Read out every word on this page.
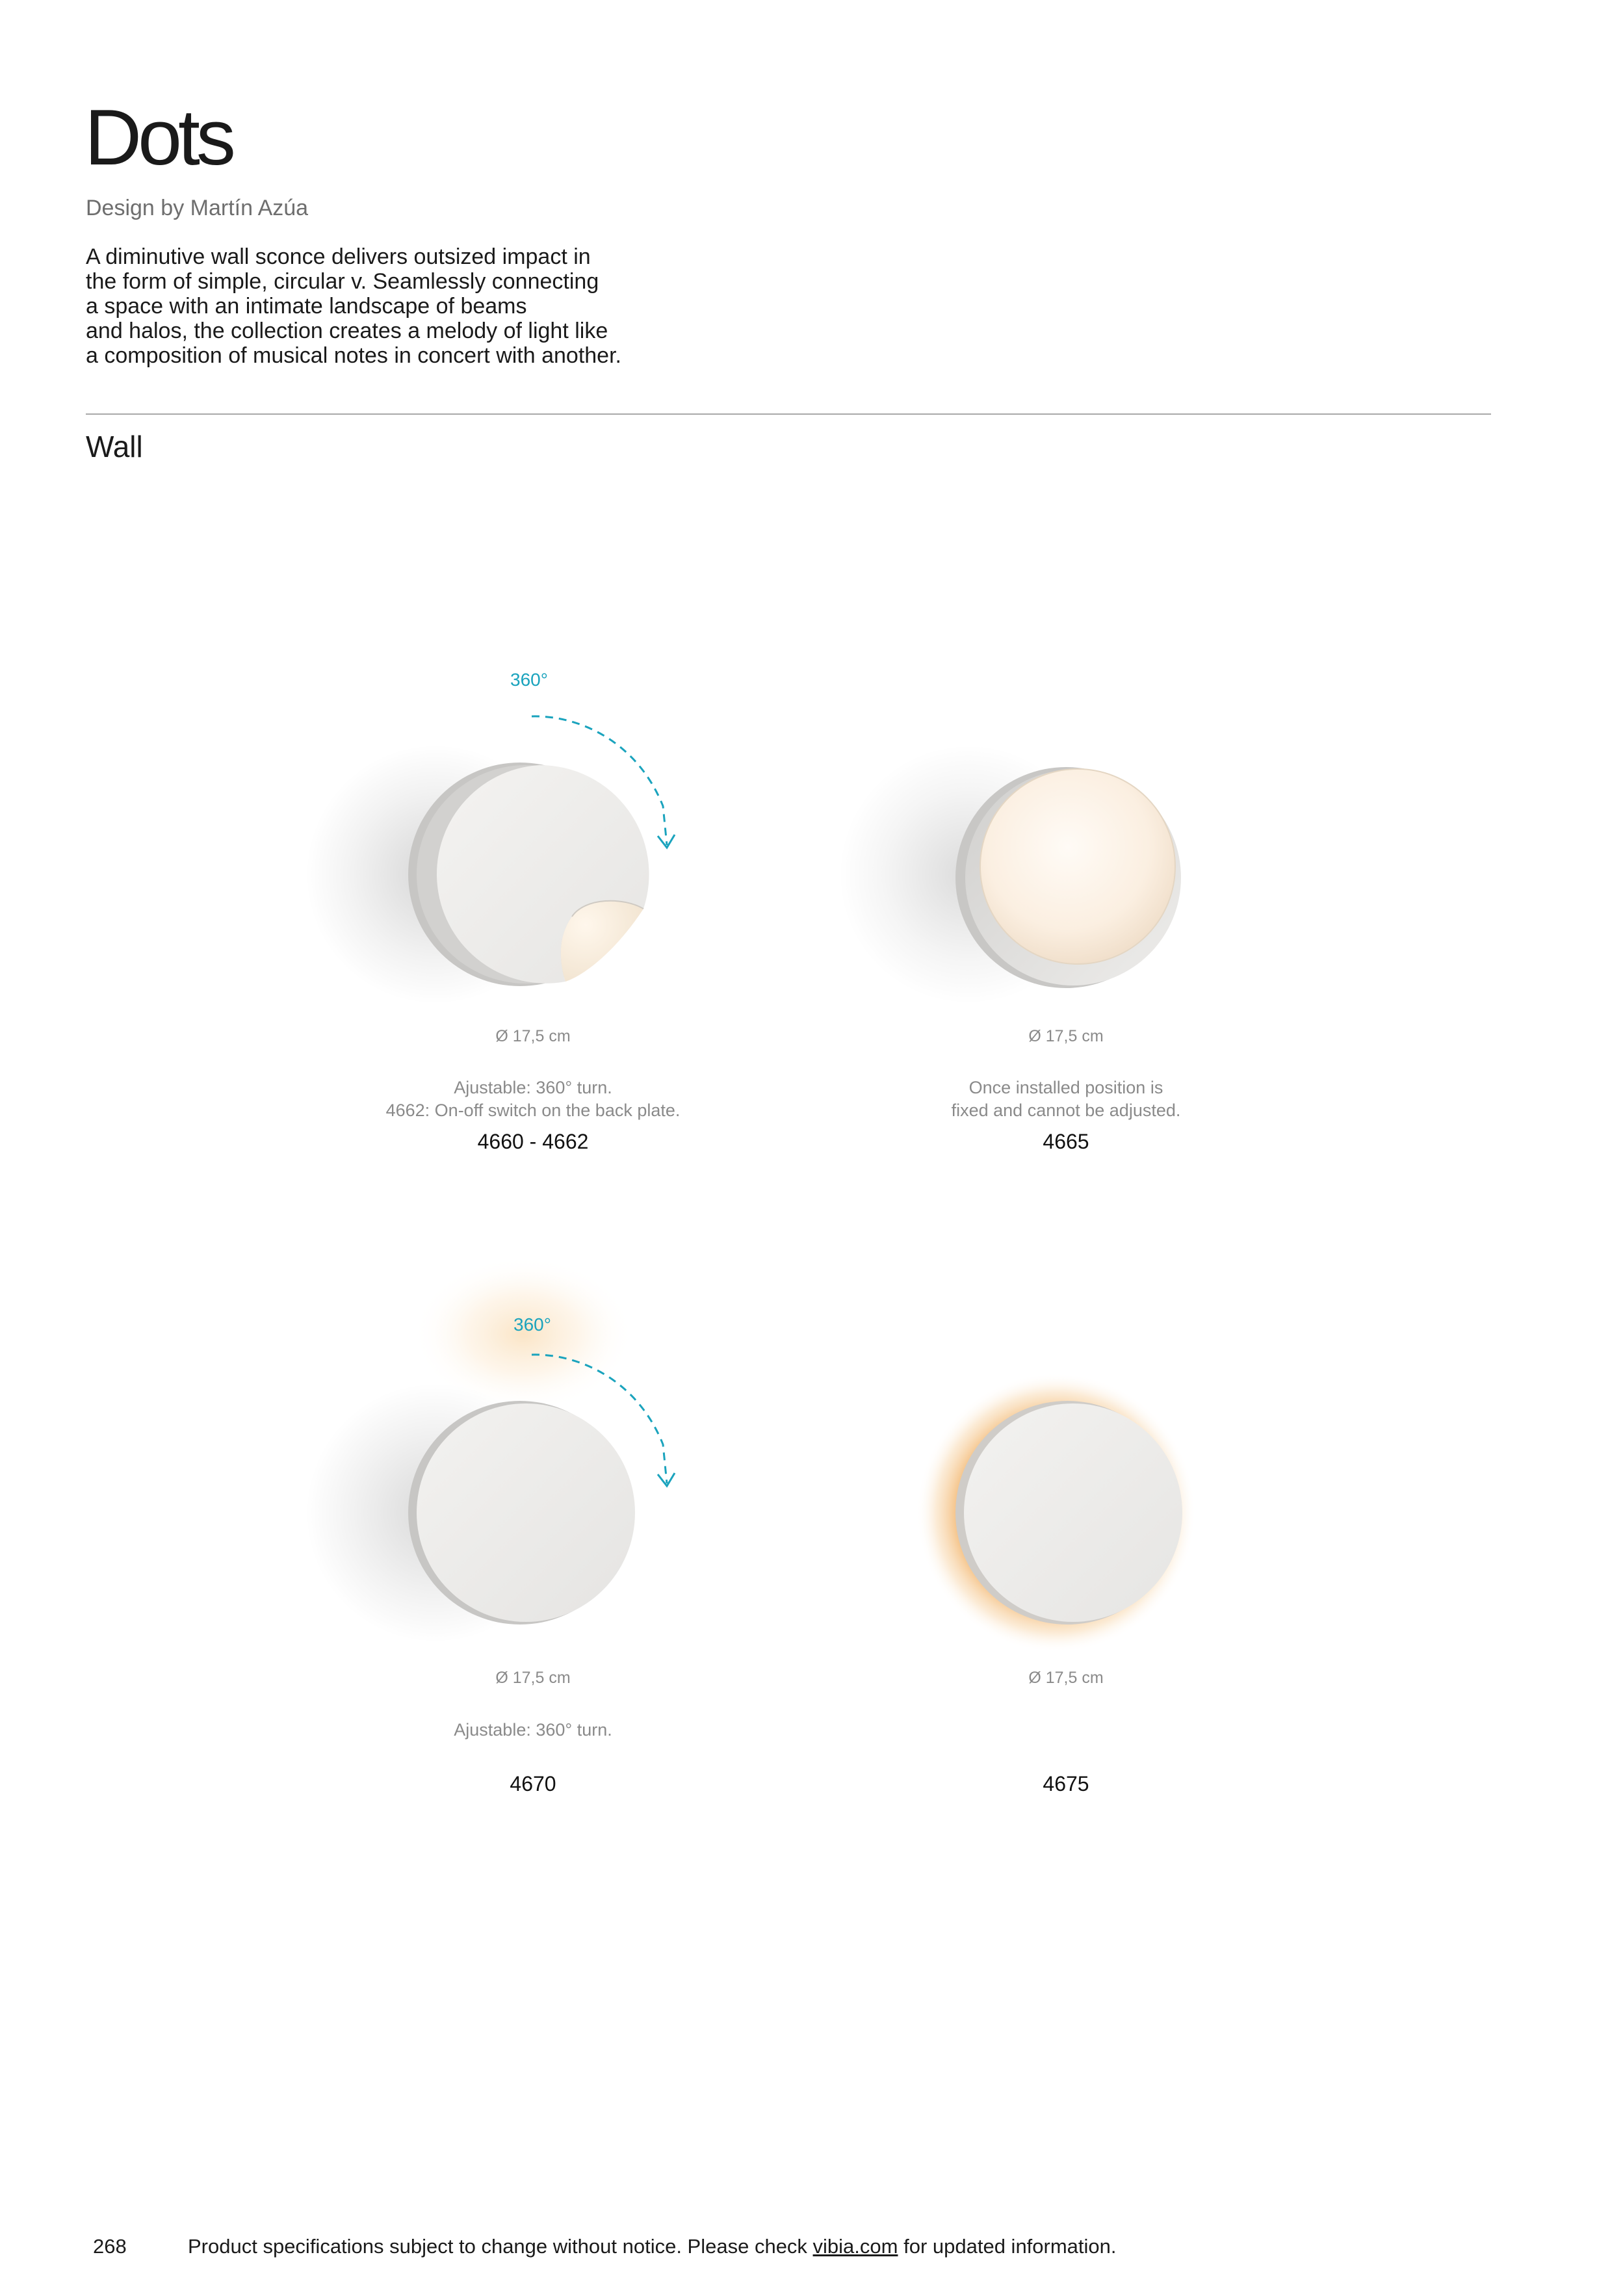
Dots
Design by Martín Azúa
A diminutive wall sconce delivers outsized impact in
the form of simple, circular v. Seamlessly connecting
a space with an intimate landscape of beams
and halos, the collection creates a melody of light like
a composition of musical notes in concert with another.
Wall
360°
Ø 17,5 cm
Ajustable: 360° turn.
4662: On-off switch on the back plate.
4660 - 4662
Ø 17,5 cm
Once installed position is
fixed and cannot be adjusted.
4665
360°
Ø 17,5 cm
Ajustable: 360° turn.
4670
Ø 17,5 cm
4675
268	Product specifications subject to change without notice. Please check vibia.com for updated information.
